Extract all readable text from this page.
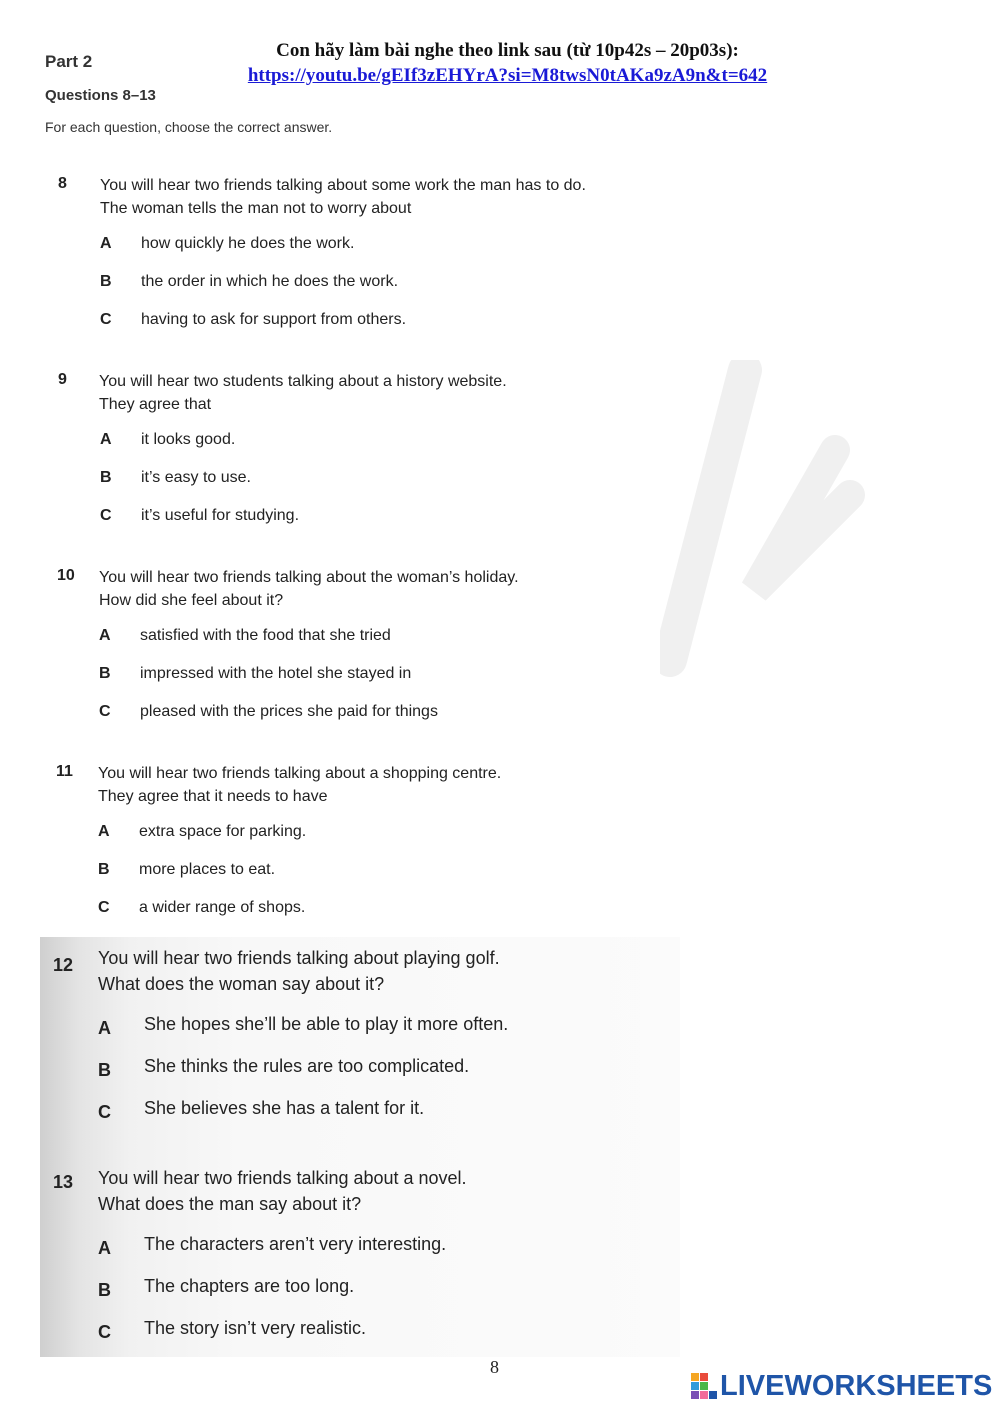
Part 2
Questions 8–13
For each question, choose the correct answer.
Con hãy làm bài nghe theo link sau (từ 10p42s – 20p03s):
https://youtu.be/gEIf3zEHYrA?si=M8twsN0tAKa9zA9n&t=642
8 You will hear two friends talking about some work the man has to do.
The woman tells the man not to worry about
A how quickly he does the work.
B the order in which he does the work.
C having to ask for support from others.
9 You will hear two students talking about a history website.
They agree that
A it looks good.
B it’s easy to use.
C it’s useful for studying.
10 You will hear two friends talking about the woman’s holiday.
How did she feel about it?
A satisfied with the food that she tried
B impressed with the hotel she stayed in
C pleased with the prices she paid for things
11 You will hear two friends talking about a shopping centre.
They agree that it needs to have
A extra space for parking.
B more places to eat.
C a wider range of shops.
12 You will hear two friends talking about playing golf.
What does the woman say about it?
A She hopes she’ll be able to play it more often.
B She thinks the rules are too complicated.
C She believes she has a talent for it.
13 You will hear two friends talking about a novel.
What does the man say about it?
A The characters aren’t very interesting.
B The chapters are too long.
C The story isn’t very realistic.
8
LIVEWORKSHEETS
